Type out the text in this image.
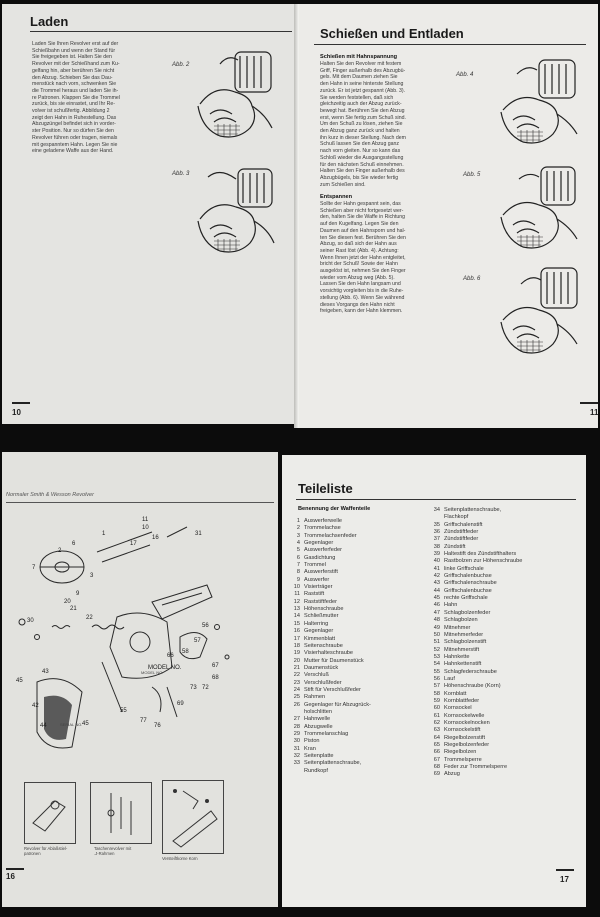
Laden
Laden Sie Ihren Revolver erst auf der
Schießbahn und wenn der Stand für
Sie freigegeben ist. Halten Sie den
Revolver mit der Schießhand zum Ku-
gelfang hin, aber berühren Sie nicht
den Abzug. Schieben Sie das Dau-
menstück nach vorn, schwenken Sie
die Trommel heraus und laden Sie ih-
re Patronen. Klappen Sie die Trommel
zurück, bis sie einrastet, und Ihr Re-
volver ist schußfertig. Abbildung 2
zeigt den Hahn in Ruhestellung. Das
Abzugzüngel befindet sich in vorder-
ster Position. Nur so dürfen Sie den
Revolver führen oder tragen, niemals
mit gespanntem Hahn. Legen Sie nie
eine geladene Waffe aus der Hand.
Abb. 2
Abb. 3
10
Schießen und Entladen
Schießen mit Hahnspannung
Halten Sie den Revolver mit festem
Griff, Finger außerhalb des Abzugbü-
gels. Mit dem Daumen ziehen Sie
den Hahn in seine hinterste Stellung
zurück. Er ist jetzt gespannt (Abb. 3).
Sie werden feststellen, daß sich
gleichzeitig auch der Abzug zurück-
bewegt hat. Berühren Sie den Abzug
erst, wenn Sie fertig zum Schuß sind.
Um den Schuß zu lösen, ziehen Sie
den Abzug ganz zurück und halten
ihn kurz in dieser Stellung. Nach dem
Schuß lassen Sie den Abzug ganz
nach vorn gleiten. Nur so kann das
Schloß wieder die Ausgangsstellung
für den nächsten Schuß einnehmen.
Halten Sie den Finger außerhalb des
Abzugbügels, bis Sie wieder fertig
zum Schießen sind.
Entspannen
Sollte der Hahn gespannt sein, das
Schießen aber nicht fortgesetzt wer-
den, halten Sie die Waffe in Richtung
auf den Kugelfang. Legen Sie den
Daumen auf den Hahnsporn und hal-
ten Sie diesen fest. Berühren Sie den
Abzug, so daß sich der Hahn aus
seiner Rast löst (Abb. 4). Achtung:
Wenn Ihnen jetzt der Hahn entgleitet,
bricht der Schuß! Sowie der Hahn
ausgelöst ist, nehmen Sie den Finger
wieder vom Abzug weg (Abb. 5).
Lassen Sie den Hahn langsam und
vorsichtig vorgleiten bis in die Ruhe-
stellung (Abb. 6). Wenn Sie während
dieses Vorgangs den Hahn nicht
freigeben, kann der Hahn klemmen.
Abb. 4
Abb. 5
Abb. 6
11
Normaler Smith & Wesson Revolver
31
11
10
16
17
1
6
7
2
3
9
20
21
22
30
56
57
58
66
67
68
72
73
69
MODEL NO.
43
45
42
44	45
55
77
76
MODEL NO.
SERIAL NO.
Revolver für Ablaßstiel-
patronen
Taschenrevolver mit
.J-Rahmen
Versteiftkorne Korn
16
Teileliste
Benennung der Waffenteile
1 Auswerferwelle
2 Trommelachse
3 Trommelachsenfeder
4 Gegenlager
5 Auswerferfeder
6 Gasdichtung
7 Trommel
8 Auswerferstift
9 Auswerfer
10 Visierträger
11 Raststift
12 Raststiftfeder
13 Höhenschraube
14 Schließmutter
15 Halterring
16 Gegenlager
17 Kimmenblatt
18 Seitenschraube
19 Visierhalteschraube
20 Mutter für Daumenstück
21 Daumenstück
22 Verschluß
23 Verschlußfeder
24 Stift für Verschlußfeder
25 Rahmen
26 Gegenlager für Abzugrück-
holschlitten
27 Hahnwelle
28 Abzugwelle
29 Trommelanschlag
30 Piston
31 Kran
32 Seitenplatte
33 Seitenplattenschraube,
Rundkopf
34 Seitenplattenschraube,
Flachkopf
35 Griffschalenstift
36 Zündstiftfeder
37 Zündstiftfeder
38 Zündstift
39 Haltestift des Zündstifthalters
40 Rastbolzen zur Höhenschraube
41 linke Griffschale
42 Griffschalenbuchse
43 Griffschalenschraube
44 Griffschalenbuchse
45 rechte Griffschale
46 Hahn
47 Schlagbolzenfeder
48 Schlagbolzen
49 Mitnehmer
50 Mitnehmerfeder
51 Schlagbolzenstift
52 Mitnehmerstift
53 Hahnkette
54 Hahnkettenstift
55 Schlagfederschraube
56 Lauf
57 Höhenschraube (Korn)
58 Kornblatt
59 Kornblattfeder
60 Kornsockel
61 Kornsockelwelle
62 Kornsockelnocken
63 Kornsockelstift
64 Riegelbolzenstift
65 Riegelbolzenfeder
66 Riegelbolzen
67 Trommelsperre
68 Feder zur Trommelsperre
69 Abzug
17
